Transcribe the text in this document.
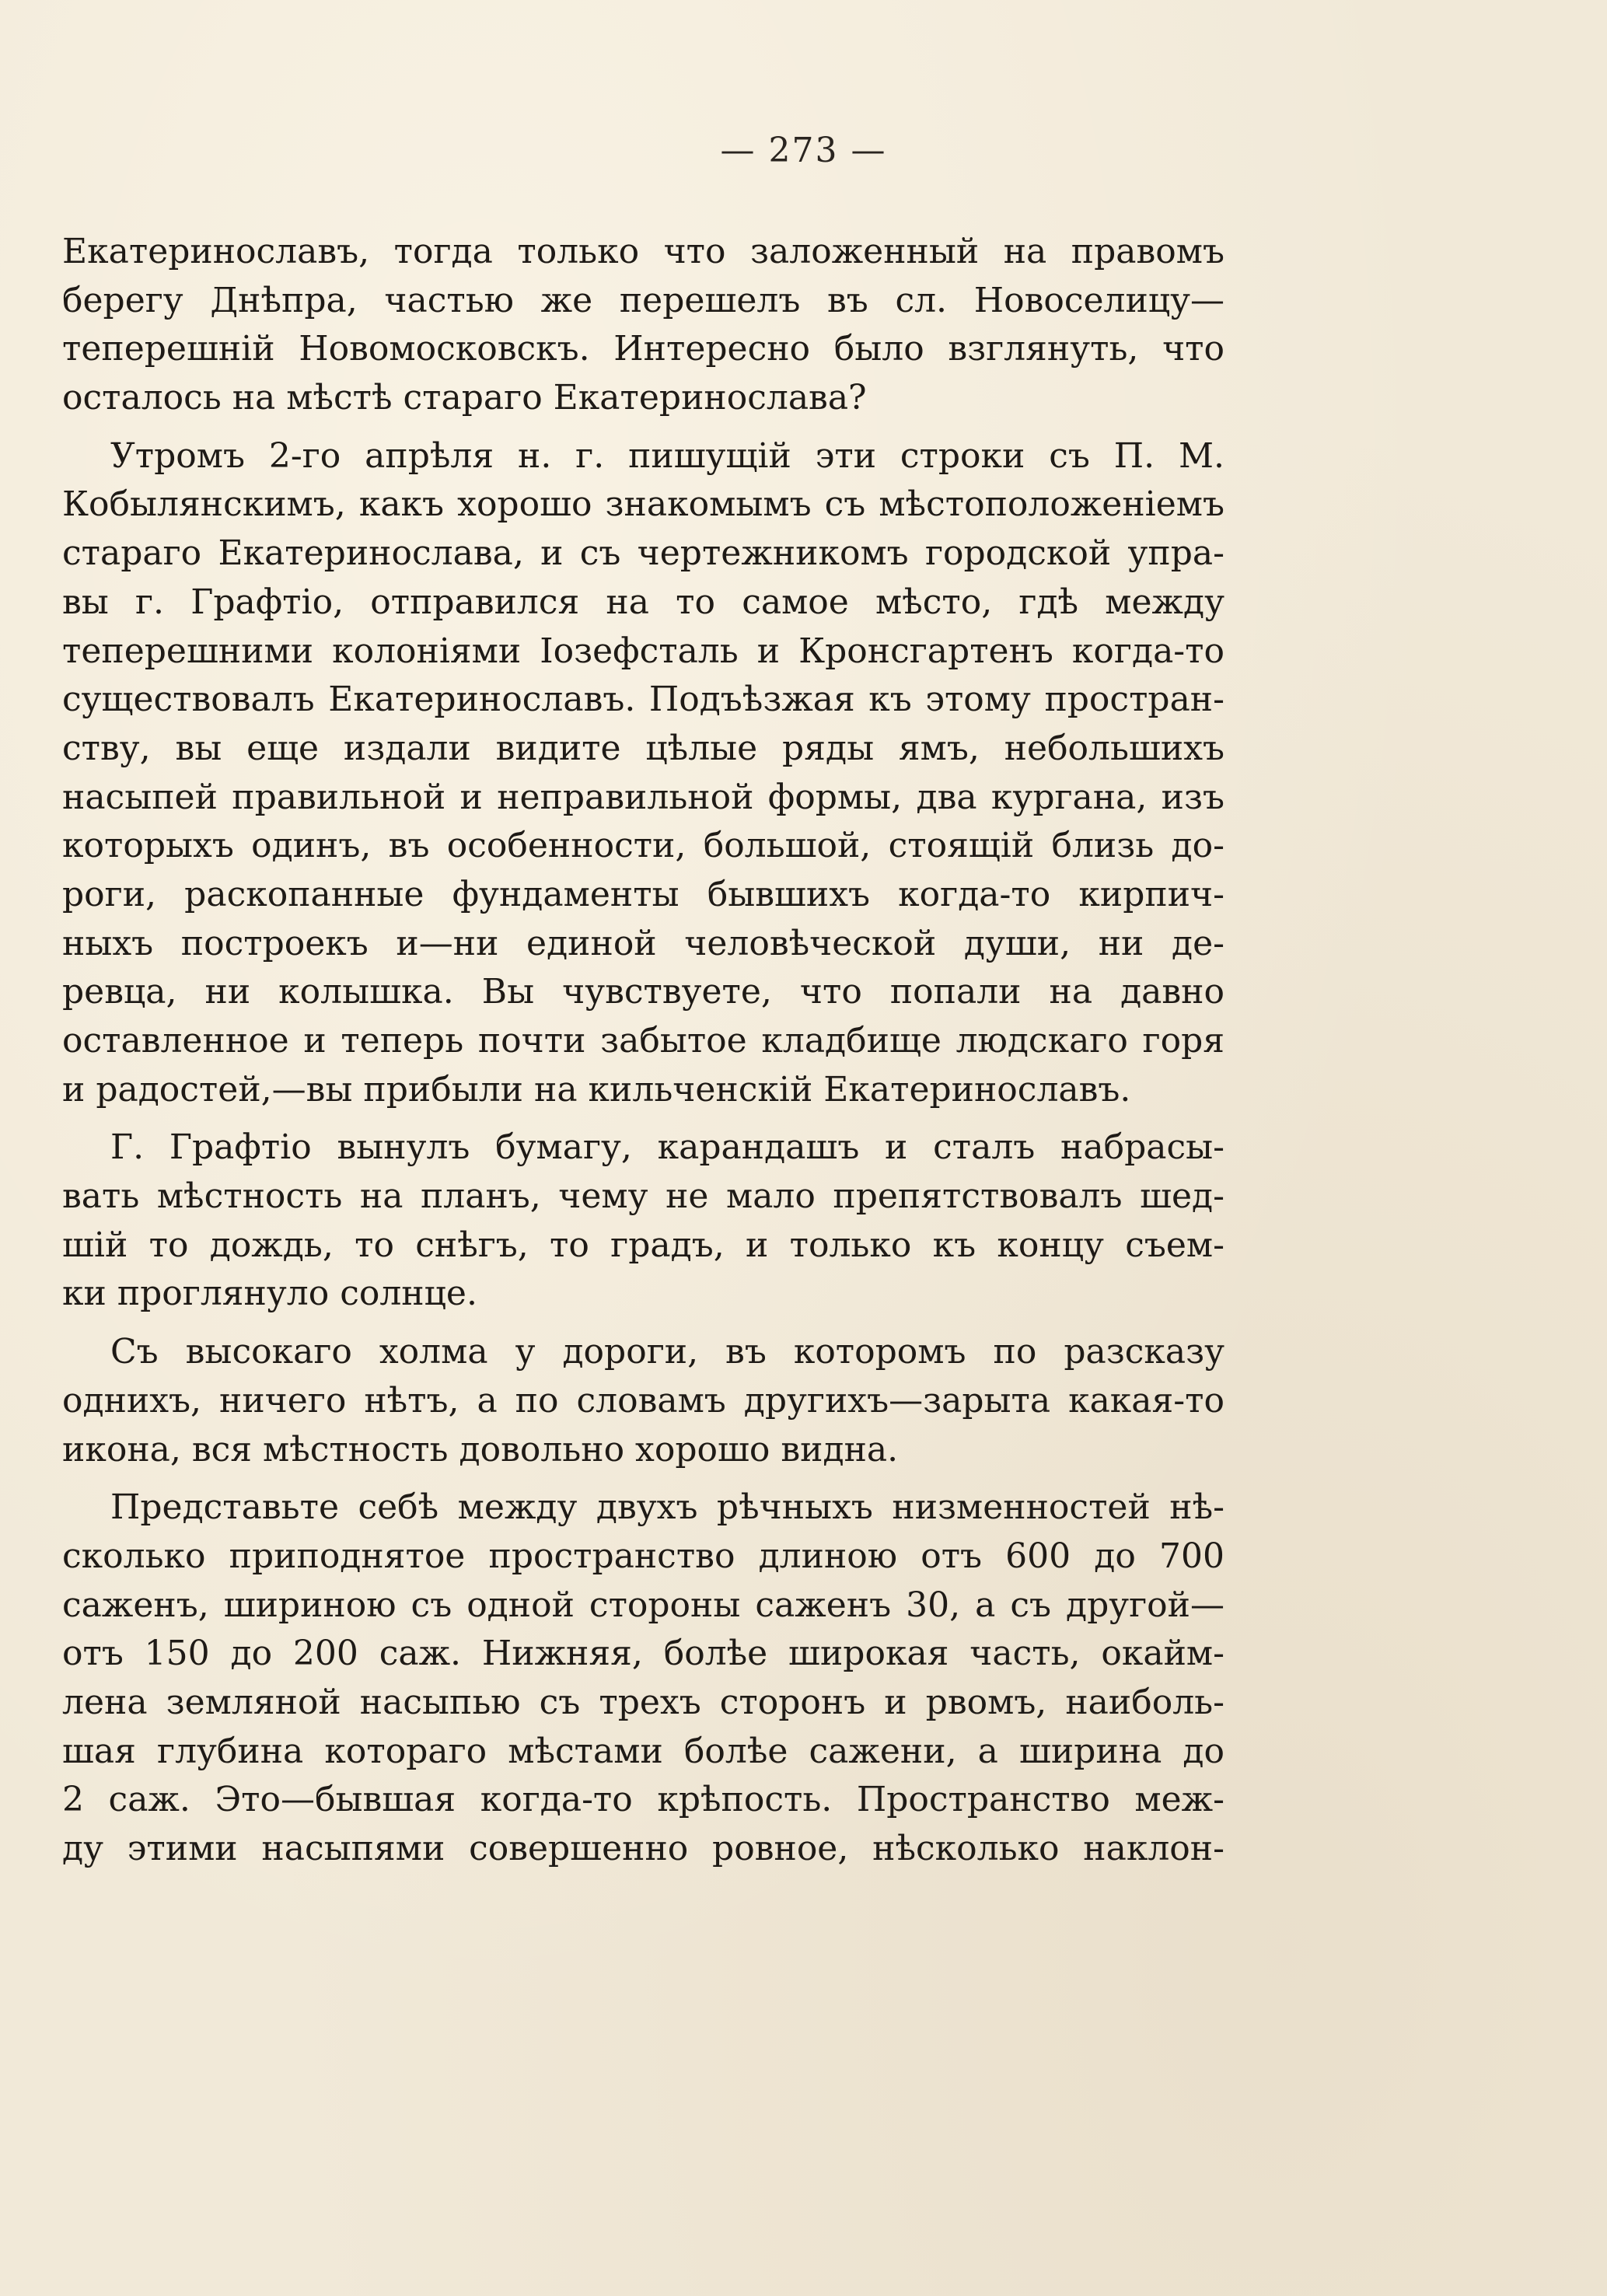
— 273 —
Екатеринославъ, тогда только что заложенный на правомъ
берегу Днѣпра, частью же перешелъ въ сл. Новоселицу—
теперешній Новомосковскъ. Интересно было взглянуть, что
осталось на мѣстѣ стараго Екатеринослава?
Утромъ 2-го апрѣля н. г. пишущій эти строки съ П. М.
Кобылянскимъ, какъ хорошо знакомымъ съ мѣстоположеніемъ
стараго Екатеринослава, и съ чертежникомъ городской упра-
вы г. Графтіо, отправился на то самое мѣсто, гдѣ между
теперешними колоніями Іозефсталь и Кронсгартенъ когда-то
существовалъ Екатеринославъ. Подъѣзжая къ этому простран-
ству, вы еще издали видите цѣлые ряды ямъ, небольшихъ
насыпей правильной и неправильной формы, два кургана, изъ
которыхъ одинъ, въ особенности, большой, стоящій близь до-
роги, раскопанные фундаменты бывшихъ когда-то кирпич-
ныхъ построекъ и—ни единой человѣческой души, ни де-
ревца, ни колышка. Вы чувствуете, что попали на давно
оставленное и теперь почти забытое кладбище людскаго горя
и радостей,—вы прибыли на кильченскій Екатеринославъ.
Г. Графтіо вынулъ бумагу, карандашъ и сталъ набрасы-
вать мѣстность на планъ, чему не мало препятствовалъ шед-
шій то дождь, то снѣгъ, то градъ, и только къ концу съем-
ки проглянуло солнце.
Съ высокаго холма у дороги, въ которомъ по разсказу
однихъ, ничего нѣтъ, а по словамъ другихъ—зарыта какая-то
икона, вся мѣстность довольно хорошо видна.
Представьте себѣ между двухъ рѣчныхъ низменностей нѣ-
сколько приподнятое пространство длиною отъ 600 до 700
саженъ, шириною съ одной стороны саженъ 30, а съ другой—
отъ 150 до 200 саж. Нижняя, болѣе широкая часть, окайм-
лена земляной насыпью съ трехъ сторонъ и рвомъ, наиболь-
шая глубина котораго мѣстами болѣе сажени, а ширина до
2 саж. Это—бывшая когда-то крѣпость. Пространство меж-
ду этими насыпями совершенно ровное, нѣсколько наклон-
